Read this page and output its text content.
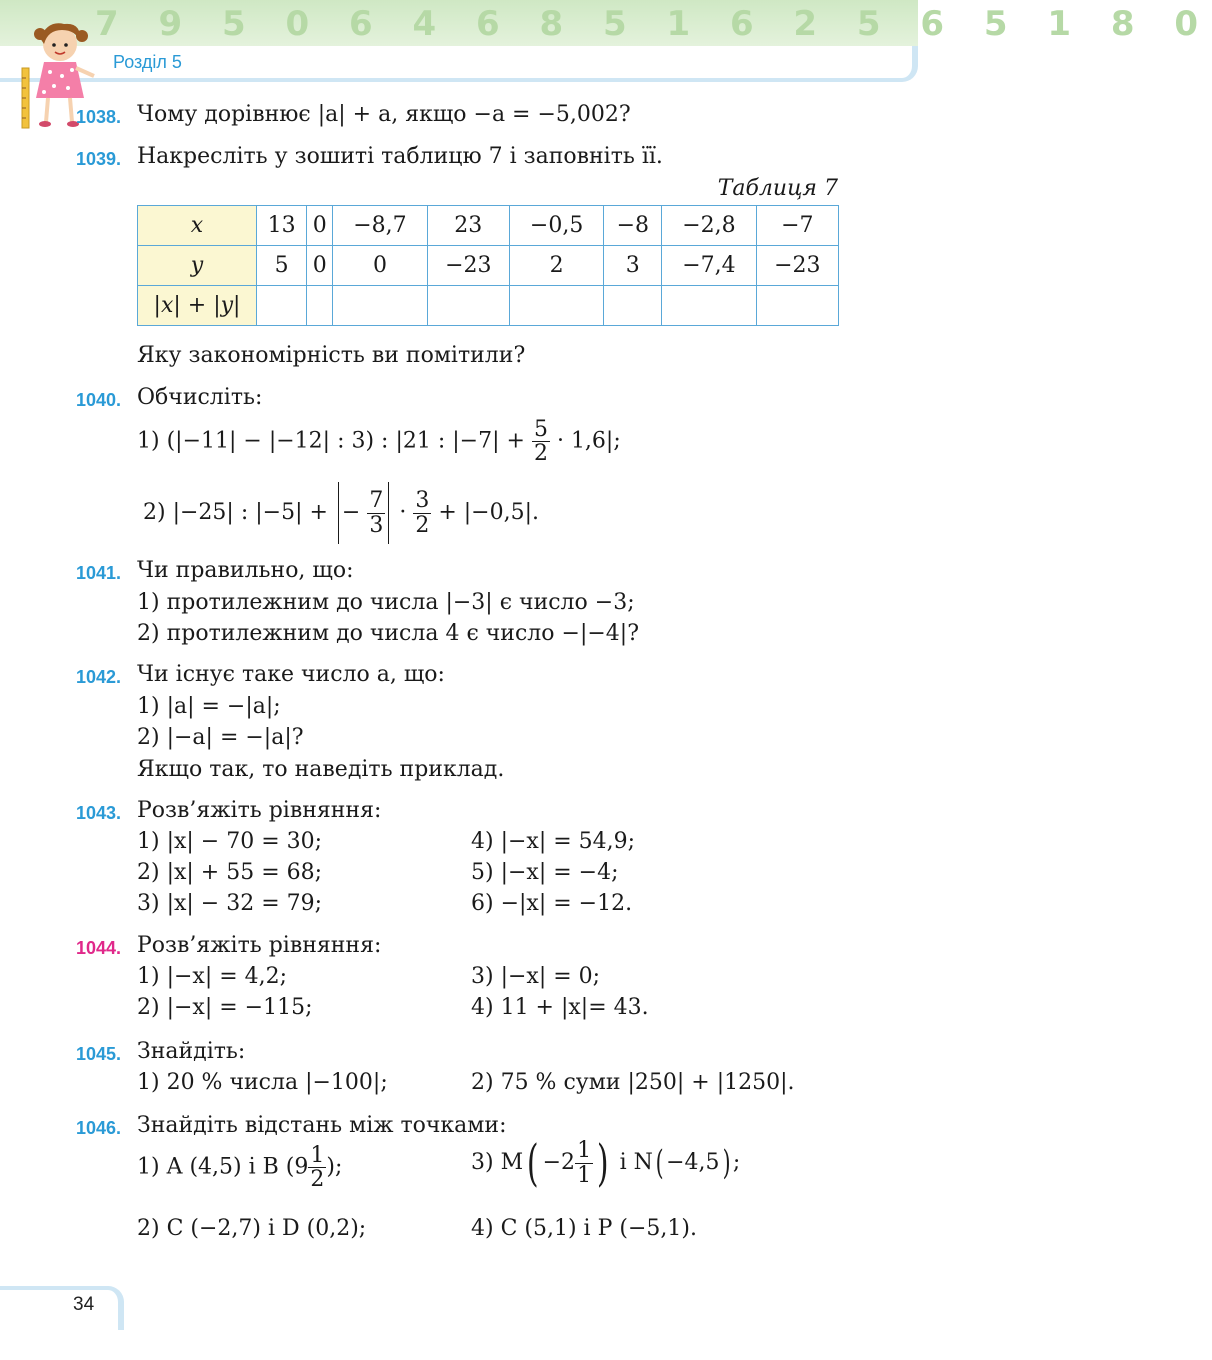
7 9 5 0 6 4 6 8 5 1 6 2 5 6 5 1 8 0
Розділ 5
1038. Чому дорівнює |a| + a, якщо −a = −5,002?
1039. Накресліть у зошиті таблицю 7 і заповніть її.
Таблиця 7
x	13	0	−8,7	23	−0,5	−8	−2,8	−7
y	5	0	0	−23	2	3	−7,4	−23
|x| + |y|								
Яку закономірність ви помітили?
1040. Обчисліть:
1) (|−11| − |−12| : 3) : |21 : $|-7| + \frac{5}{2} \cdot 1,6|$;
2) |−25| : |−5| + − $\frac{7}{3} \cdot \frac{3}{2} + |-0,5|$.
1041. Чи правильно, що:
1) протилежним до числа |−3| є число −3;
2) протилежним до числа 4 є число −|−4|?
1042. Чи існує таке число a, що:
1) |a| = −|a|;
2) |−a| = −|a|?
Якщо так, то наведіть приклад.
1043. Розв’яжіть рівняння:
1) |x| − 70 = 30;
2) |x| + 55 = 68;
3) |x| − 32 = 79;
4) |−x| = 54,9;
5) |−x| = −4;
6) −|x| = −12.
1044. Розв’яжіть рівняння:
1) |−x| = 4,2;
2) |−x| = −115;
3) |−x| = 0;
4) 11 + |x|= 43.
1045. Знайдіть:
1) 20 % числа |−100|;	2) 75 % суми |250| + |1250|.
1046. Знайдіть відстань між точками:
1) A (4,5) і B ($9 \frac{1}{2}$ );	3) $M( -2 \frac{1}{1}$ ) і N( −4,5) ;
2) C (−2,7) і D (0,2);	4) C (5,1) і P (−5,1).
34
